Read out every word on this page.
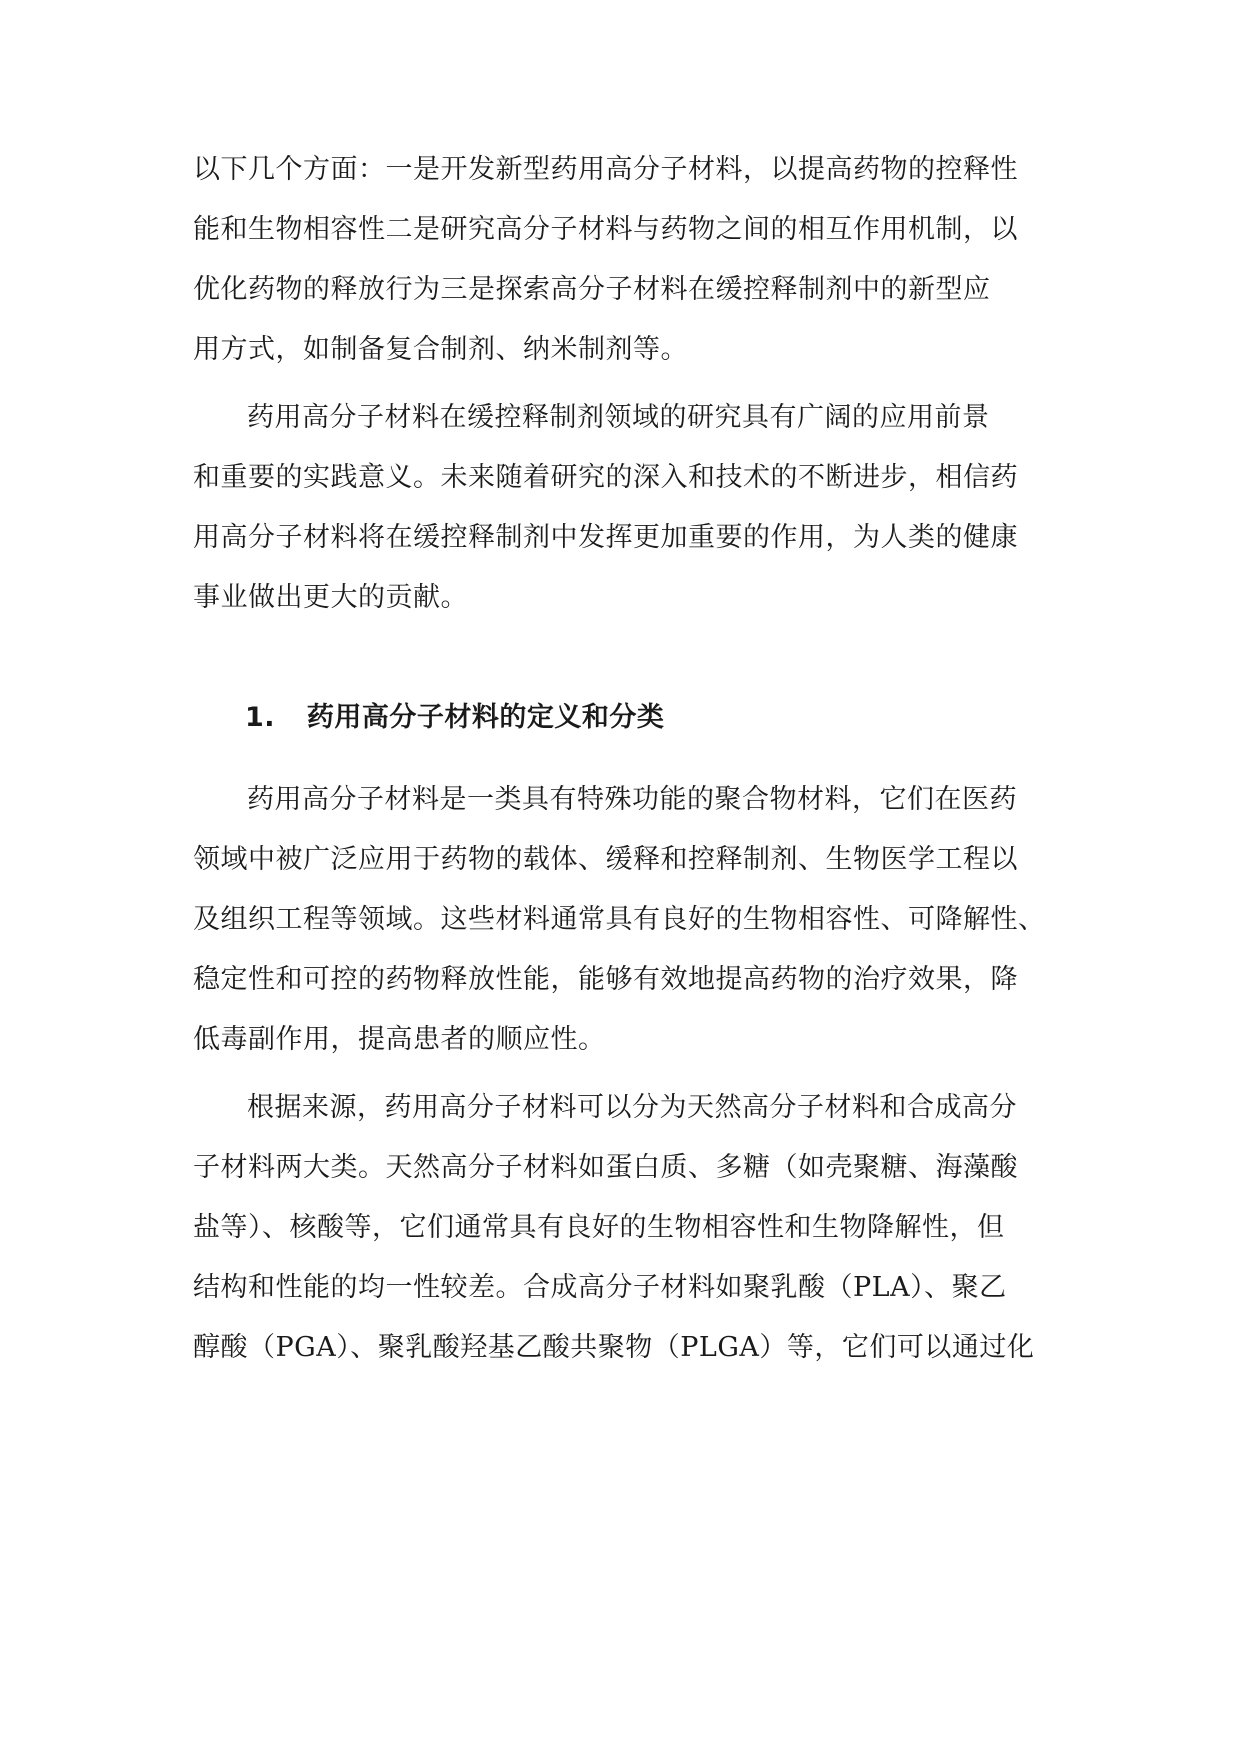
以下几个方面：一是开发新型药用高分子材料，以提高药物的控释性
能和生物相容性二是研究高分子材料与药物之间的相互作用机制，以
优化药物的释放行为三是探索高分子材料在缓控释制剂中的新型应
用方式，如制备复合制剂、纳米制剂等。
药用高分子材料在缓控释制剂领域的研究具有广阔的应用前景
和重要的实践意义。未来随着研究的深入和技术的不断进步，相信药
用高分子材料将在缓控释制剂中发挥更加重要的作用，为人类的健康
事业做出更大的贡献。
1. 药用高分子材料的定义和分类
药用高分子材料是一类具有特殊功能的聚合物材料，它们在医药
领域中被广泛应用于药物的载体、缓释和控释制剂、生物医学工程以
及组织工程等领域。这些材料通常具有良好的生物相容性、可降解性、
稳定性和可控的药物释放性能，能够有效地提高药物的治疗效果，降
低毒副作用，提高患者的顺应性。
根据来源，药用高分子材料可以分为天然高分子材料和合成高分
子材料两大类。天然高分子材料如蛋白质、多糖（如壳聚糖、海藻酸
盐等）、核酸等，它们通常具有良好的生物相容性和生物降解性，但
结构和性能的均一性较差。合成高分子材料如聚乳酸（PLA）、聚乙
醇酸（PGA）、聚乳酸羟基乙酸共聚物（PLGA）等，它们可以通过化
